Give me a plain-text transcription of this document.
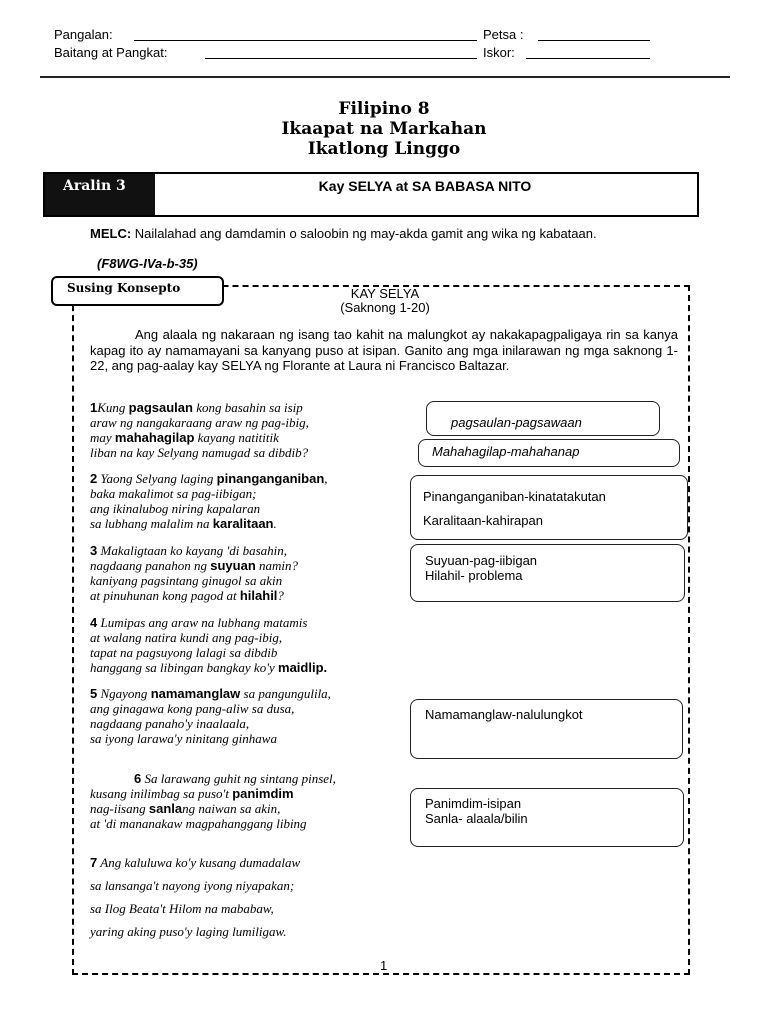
Pangalan:	Petsa :
Baitang at Pangkat:	Iskor:
Filipino 8
Ikaapat na Markahan
Ikatlong Linggo
Aralin 3	Kay SELYA at SA BABASA NITO
MELC: Nailalahad ang damdamin o saloobin ng may-akda gamit ang wika ng kabataan.
(F8WG-IVa-b-35)
Susing Konsepto	KAY SELYA
(Saknong 1-20)
Ang alaala ng nakaraan ng isang tao kahit na malungkot ay nakakapagpaligaya rin sa kanya kapag ito ay namamayani sa kanyang puso at isipan. Ganito ang mga inilarawan ng mga saknong 1-22, ang pag-aalay kay SELYA ng Florante at Laura ni Francisco Baltazar.
1Kung pagsaulan kong basahin sa isip
araw ng nangakaraang araw ng pag-ibig,
may mahahagilap kayang natititik
liban na kay Selyang namugad sa dibdib?
2 Yaong Selyang laging pinanganganiban,
baka makalimot sa pag-iibigan;
ang ikinalubog niring kapalaran
sa lubhang malalim na karalitaan.
3 Makaligtaan ko kayang 'di basahin,
nagdaang panahon ng suyuan namin?
kaniyang pagsintang ginugol sa akin
at pinuhunan kong pagod at hilahil?
4 Lumipas ang araw na lubhang matamis
at walang natira kundi ang pag-ibig,
tapat na pagsuyong lalagi sa dibdib
hanggang sa libingan bangkay ko'y maidlip.
5 Ngayong namamanglaw sa pangungulila,
ang ginagawa kong pang-aliw sa dusa,
nagdaang panaho'y inaalaala,
sa iyong larawa'y ninitang ginhawa
6 Sa larawang guhit ng sintang pinsel,
kusang inilimbag sa puso't panimdim
nag-iisang sanlang naiwan sa akin,
at 'di mananakaw magpahanggang libing
7 Ang kaluluwa ko'y kusang dumadalaw
sa lansanga't nayong iyong niyapakan;
sa Ilog Beata't Hilom na mababaw,
yaring aking puso'y laging lumiligaw.
pagsaulan-pagsawaan
Mahahagilap-mahahanap
Pinanganganiban-kinatatakutan
Karalitaan-kahirapan
Suyuan-pag-iibigan
Hilahil- problema
Namamanglaw-nalulungkot
Panimdim-isipan
Sanla- alaala/bilin
1
